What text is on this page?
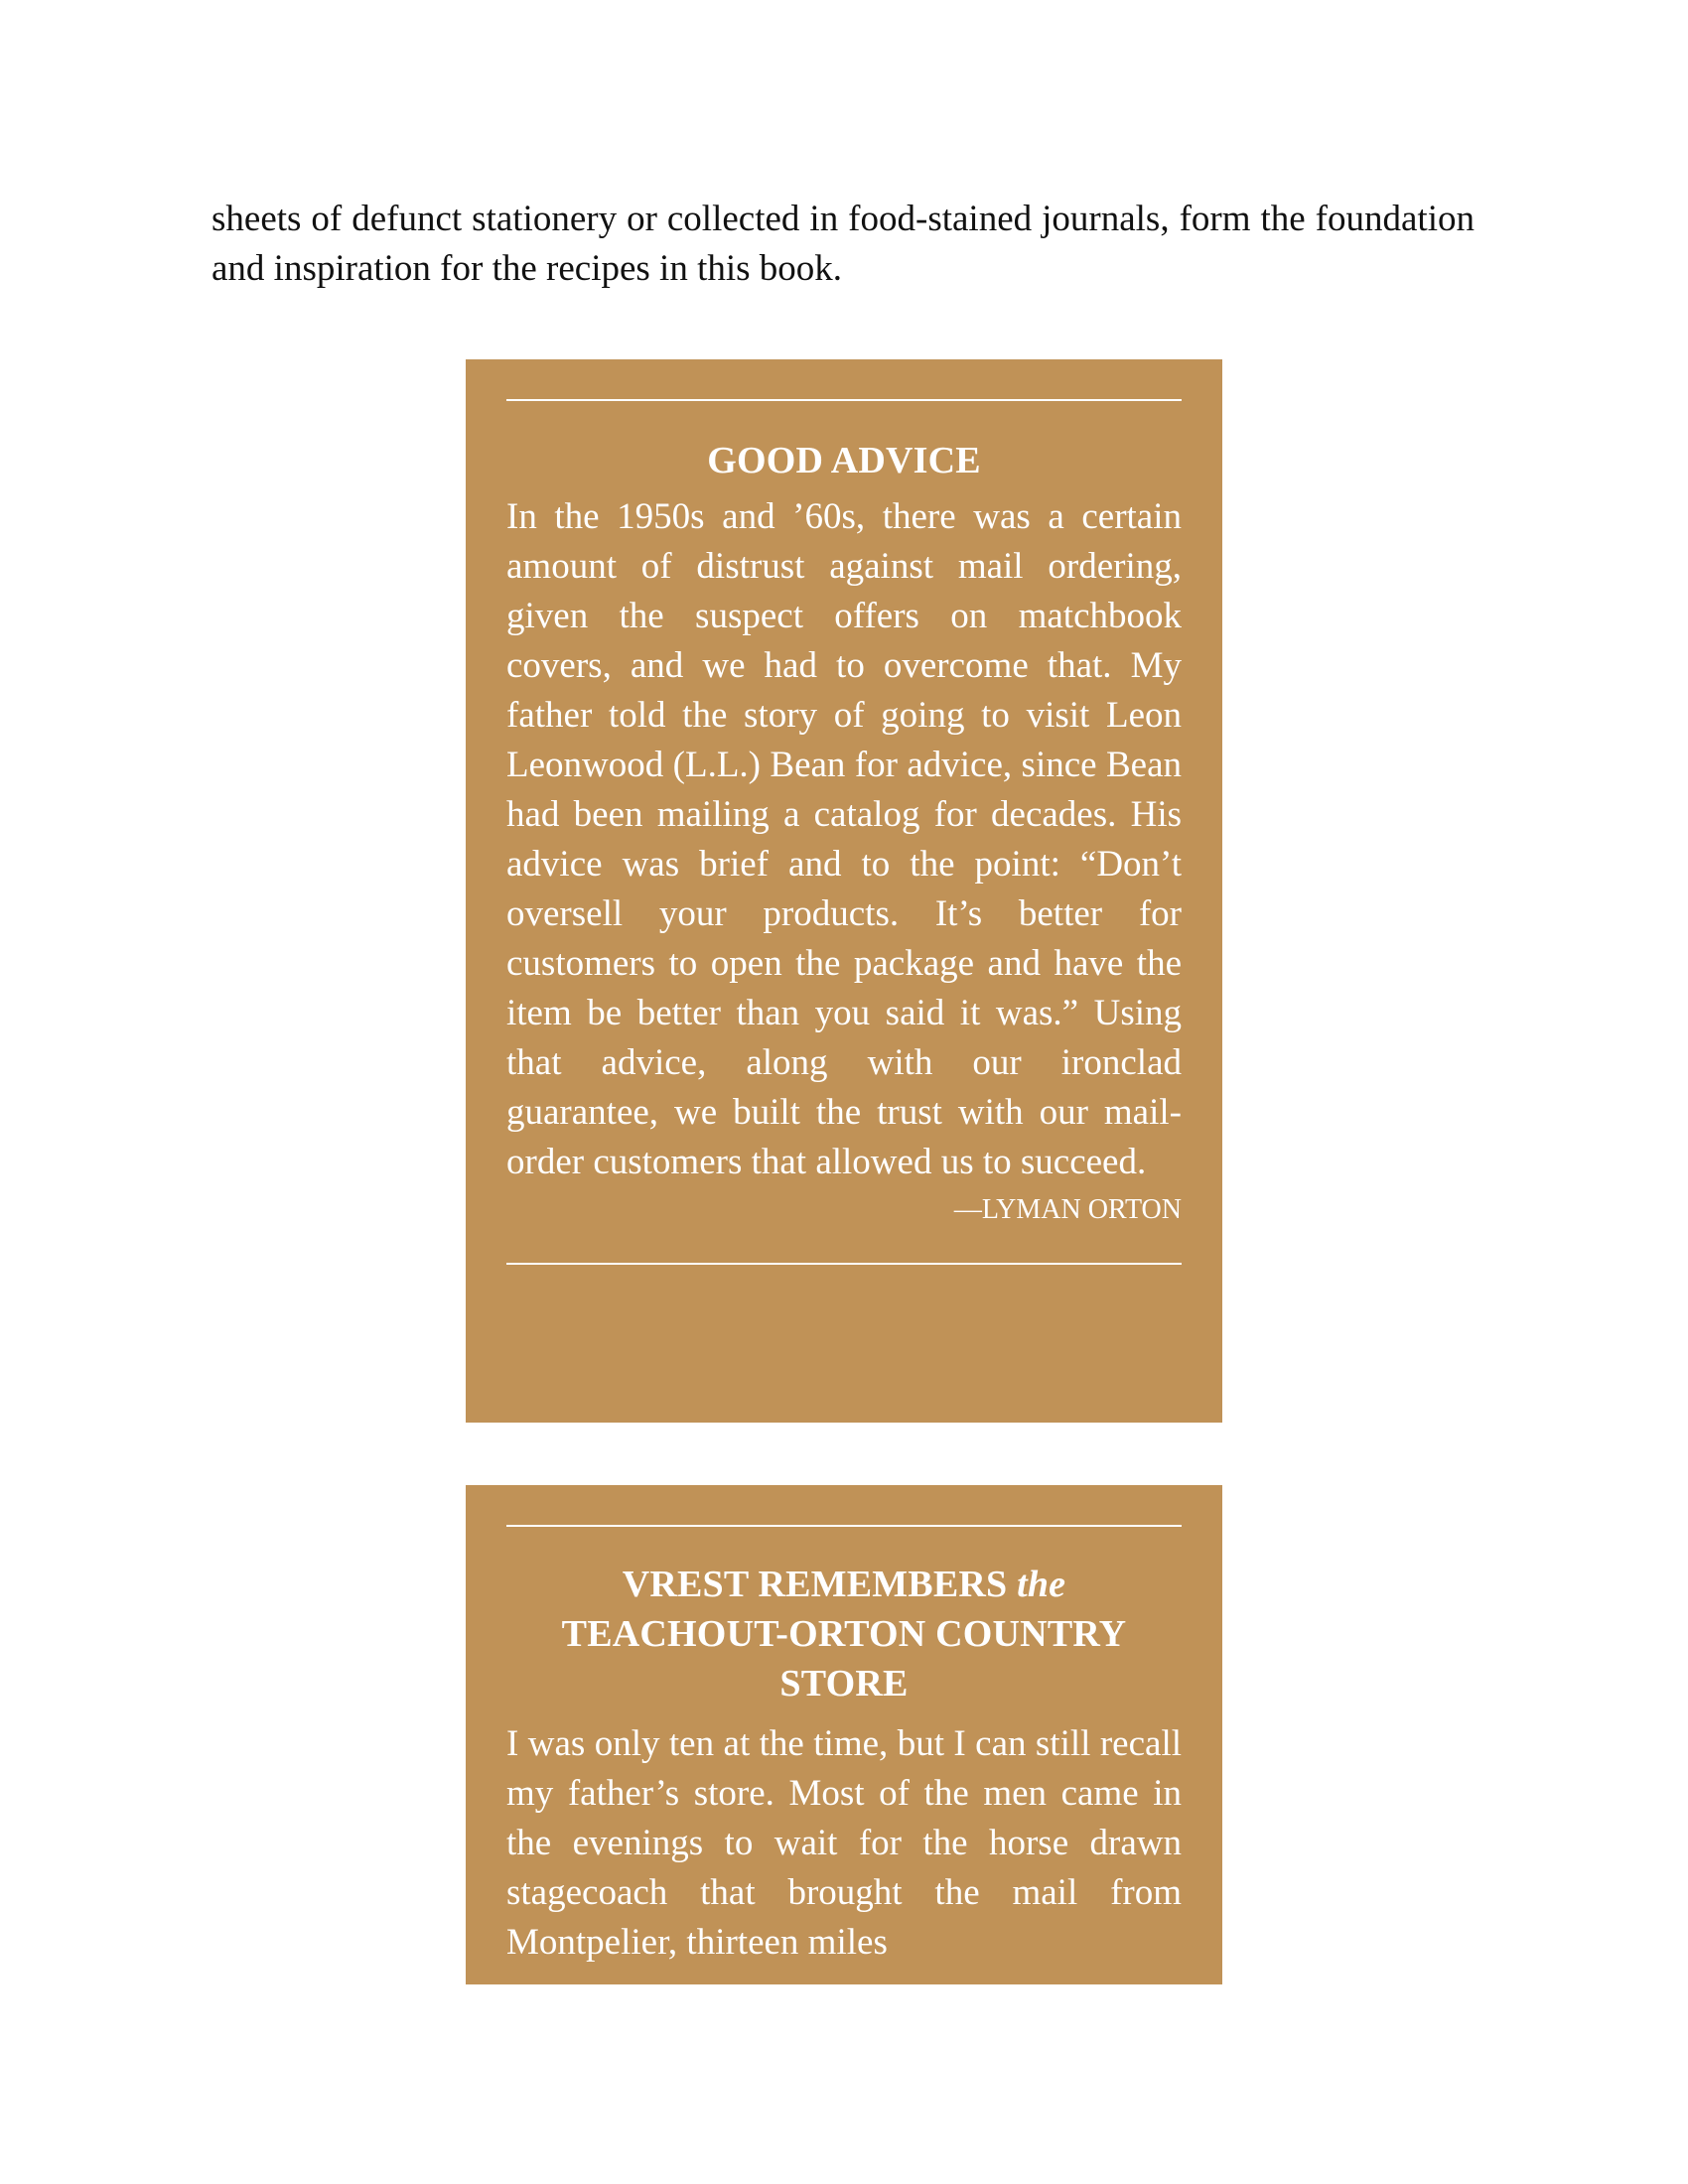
sheets of defunct stationery or collected in food-stained journals, form the foundation and inspiration for the recipes in this book.

GOOD ADVICE

In the 1950s and ’60s, there was a certain amount of distrust against mail ordering, given the suspect offers on matchbook covers, and we had to overcome that. My father told the story of going to visit Leon Leonwood (L.L.) Bean for advice, since Bean had been mailing a catalog for decades. His advice was brief and to the point: “Don’t oversell your products. It’s better for customers to open the package and have the item be better than you said it was.” Using that advice, along with our ironclad guarantee, we built the trust with our mail-order customers that allowed us to succeed.

—LYMAN ORTON

VREST REMEMBERS the
TEACHOUT-ORTON COUNTRY STORE

I was only ten at the time, but I can still recall my father’s store. Most of the men came in the evenings to wait for the horse drawn stagecoach that brought the mail from Montpelier, thirteen miles
